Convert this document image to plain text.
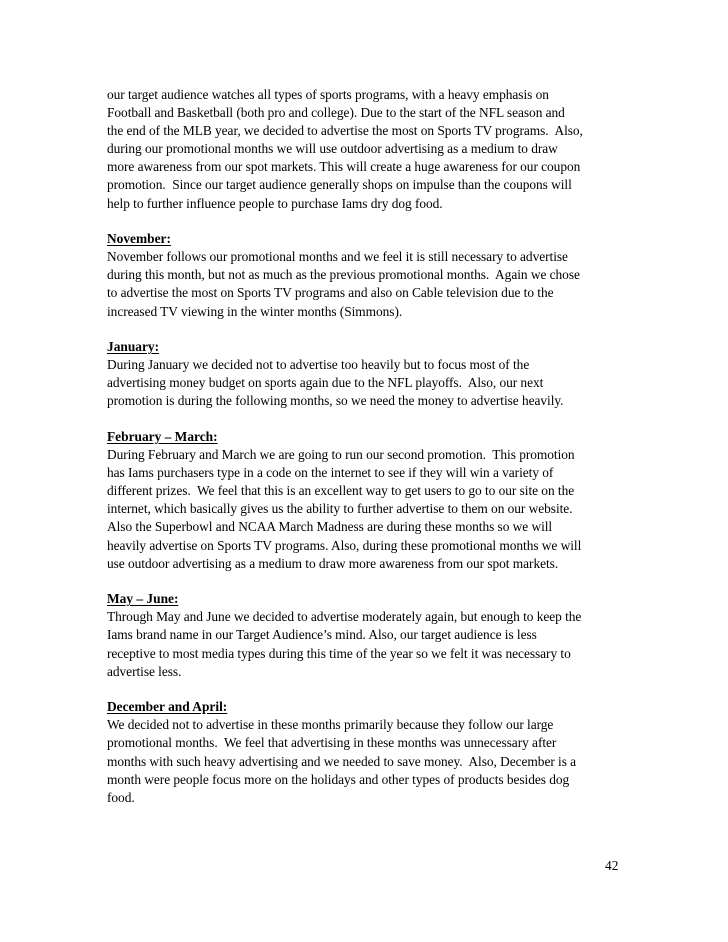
our target audience watches all types of sports programs, with a heavy emphasis on
Football and Basketball (both pro and college). Due to the start of the NFL season and
the end of the MLB year, we decided to advertise the most on Sports TV programs.  Also,
during our promotional months we will use outdoor advertising as a medium to draw
more awareness from our spot markets. This will create a huge awareness for our coupon
promotion.  Since our target audience generally shops on impulse than the coupons will
help to further influence people to purchase Iams dry dog food.

November:

November follows our promotional months and we feel it is still necessary to advertise
during this month, but not as much as the previous promotional months.  Again we chose
to advertise the most on Sports TV programs and also on Cable television due to the
increased TV viewing in the winter months (Simmons).

January:

During January we decided not to advertise too heavily but to focus most of the
advertising money budget on sports again due to the NFL playoffs.  Also, our next
promotion is during the following months, so we need the money to advertise heavily.

February – March:

During February and March we are going to run our second promotion.  This promotion
has Iams purchasers type in a code on the internet to see if they will win a variety of
different prizes.  We feel that this is an excellent way to get users to go to our site on the
internet, which basically gives us the ability to further advertise to them on our website.
Also the Superbowl and NCAA March Madness are during these months so we will
heavily advertise on Sports TV programs. Also, during these promotional months we will
use outdoor advertising as a medium to draw more awareness from our spot markets.

May – June:

Through May and June we decided to advertise moderately again, but enough to keep the
Iams brand name in our Target Audience’s mind. Also, our target audience is less
receptive to most media types during this time of the year so we felt it was necessary to
advertise less.

December and April:

We decided not to advertise in these months primarily because they follow our large
promotional months.  We feel that advertising in these months was unnecessary after
months with such heavy advertising and we needed to save money.  Also, December is a
month were people focus more on the holidays and other types of products besides dog
food.

42
